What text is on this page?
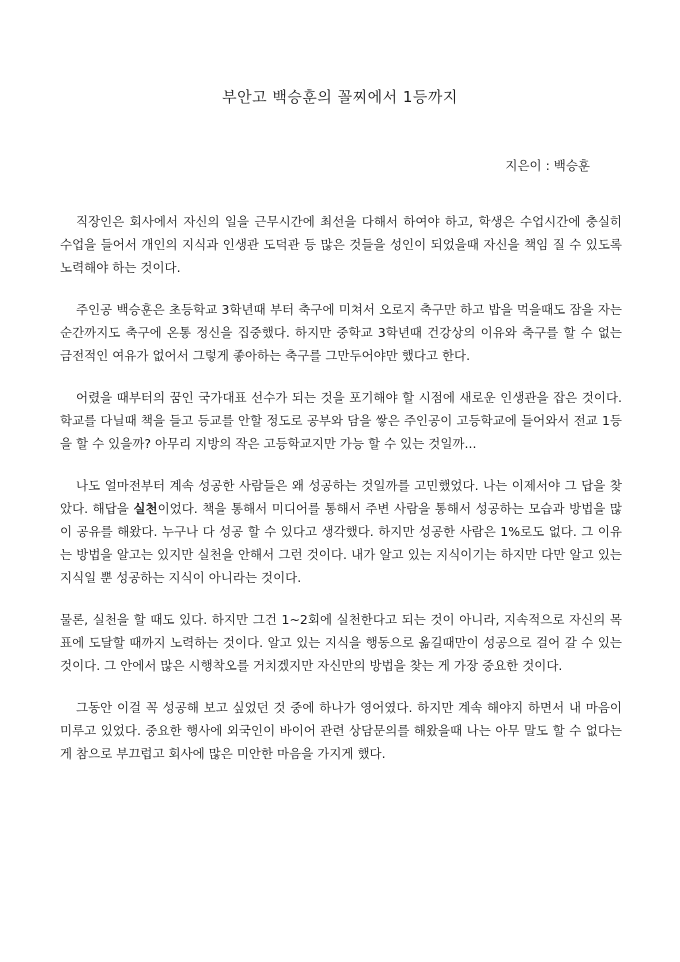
부안고 백승훈의 꼴찌에서 1등까지
지은이 : 백승훈

직장인은 회사에서 자신의 일을 근무시간에 최선을 다해서 하여야 하고, 학생은 수업시간에 충실히 수업을 들어서 개인의 지식과 인생관 도덕관 등 많은 것들을 성인이 되었을때 자신을 책임 질 수 있도록 노력해야 하는 것이다.

주인공 백승훈은 초등학교 3학년때 부터 축구에 미쳐서 오로지 축구만 하고 밥을 먹을때도 잠을 자는 순간까지도 축구에 온통 정신을 집중했다. 하지만 중학교 3학년때 건강상의 이유와 축구를 할 수 없는 금전적인 여유가 없어서 그렇게 좋아하는 축구를 그만두어야만 했다고 한다.

어렸을 때부터의 꿈인 국가대표 선수가 되는 것을 포기해야 할 시점에 새로운 인생관을 잡은 것이다. 학교를 다닐때 책을 들고 등교를 안할 정도로 공부와 담을 쌓은 주인공이 고등학교에 들어와서 전교 1등을 할 수 있을까? 아무리 지방의 작은 고등학교지만 가능 할 수 있는 것일까...

나도 얼마전부터 계속 성공한 사람들은 왜 성공하는 것일까를 고민했었다. 나는 이제서야 그 답을 찾았다. 해답을 실천이었다. 책을 통해서 미디어를 통해서 주변 사람을 통해서 성공하는 모습과 방법을 많이 공유를 해왔다. 누구나 다 성공 할 수 있다고 생각했다. 하지만 성공한 사람은 1%로도 없다. 그 이유는 방법을 알고는 있지만 실천을 안해서 그런 것이다. 내가 알고 있는 지식이기는 하지만 다만 알고 있는 지식일 뿐 성공하는 지식이 아니라는 것이다.

물론, 실천을 할 때도 있다. 하지만 그건 1~2회에 실천한다고 되는 것이 아니라, 지속적으로 자신의 목표에 도달할 때까지 노력하는 것이다. 알고 있는 지식을 행동으로 옮길때만이 성공으로 걸어 갈 수 있는 것이다. 그 안에서 많은 시행착오를 거치겠지만 자신만의 방법을 찾는 게 가장 중요한 것이다.

그동안 이걸 꼭 성공해 보고 싶었던 것 중에 하나가 영어였다. 하지만 계속 해야지 하면서 내 마음이 미루고 있었다. 중요한 행사에 외국인이 바이어 관련 상담문의를 해왔을때 나는 아무 말도 할 수 없다는 게 참으로 부끄럽고 회사에 많은 미안한 마음을 가지게 했다.
